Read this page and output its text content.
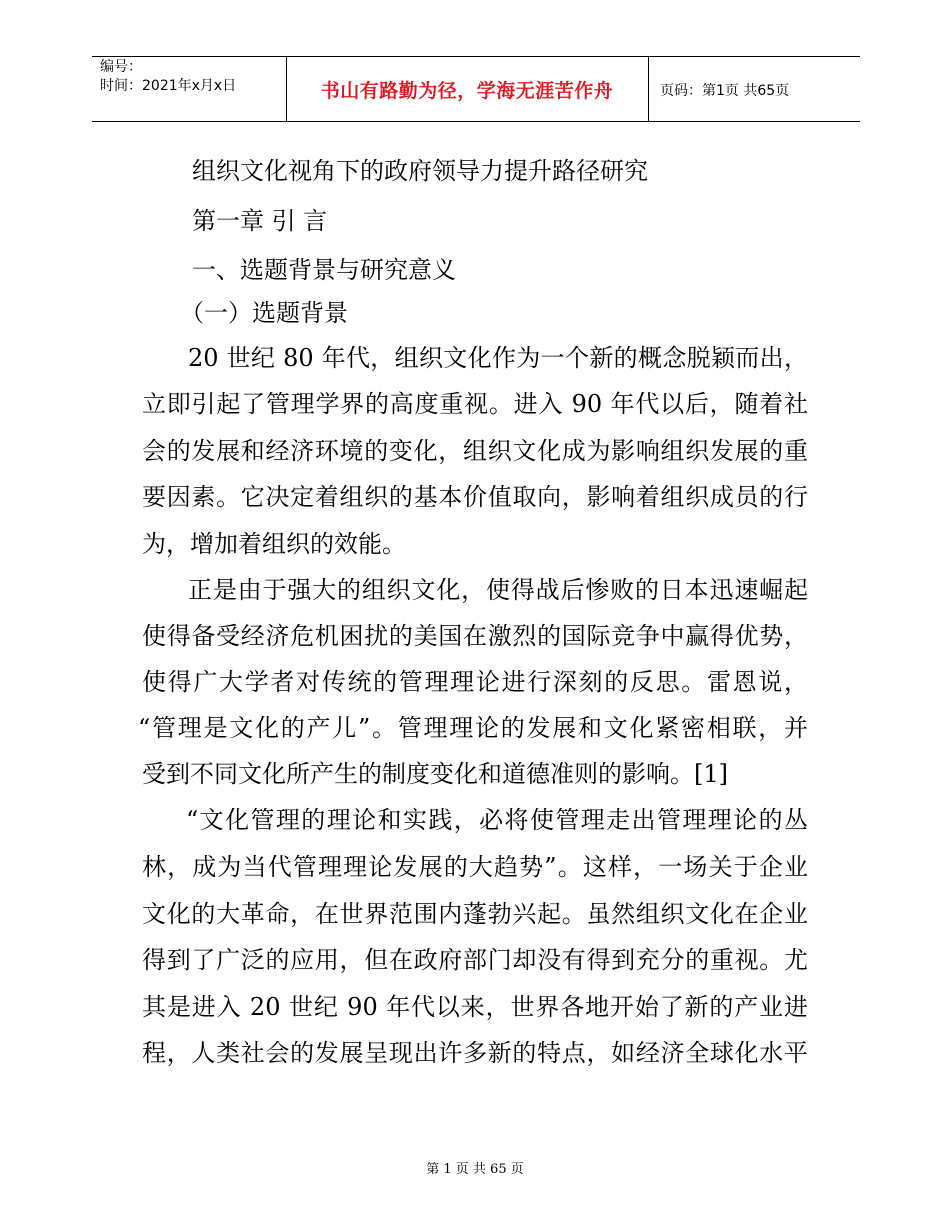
编号：
时间：2021年x月x日	书山有路勤为径，学海无涯苦作舟	页码：第1页 共65页
组织文化视角下的政府领导力提升路径研究
第一章 引 言
一、选题背景与研究意义
（一）选题背景
20 世纪 80 年代，组织文化作为一个新的概念脱颖而出，
立即引起了管理学界的高度重视。进入 90 年代以后，随着社
会的发展和经济环境的变化，组织文化成为影响组织发展的重
要因素。它决定着组织的基本价值取向，影响着组织成员的行
为，增加着组织的效能。
正是由于强大的组织文化，使得战后惨败的日本迅速崛起
使得备受经济危机困扰的美国在激烈的国际竞争中赢得优势，
使得广大学者对传统的管理理论进行深刻的反思。雷恩说，
“管理是文化的产儿”。管理理论的发展和文化紧密相联，并
受到不同文化所产生的制度变化和道德准则的影响。[1]
“文化管理的理论和实践，必将使管理走出管理理论的丛
林，成为当代管理理论发展的大趋势”。这样，一场关于企业
文化的大革命，在世界范围内蓬勃兴起。虽然组织文化在企业
得到了广泛的应用，但在政府部门却没有得到充分的重视。尤
其是进入 20 世纪 90 年代以来，世界各地开始了新的产业进
程，人类社会的发展呈现出许多新的特点，如经济全球化水平
第 1 页 共 65 页
